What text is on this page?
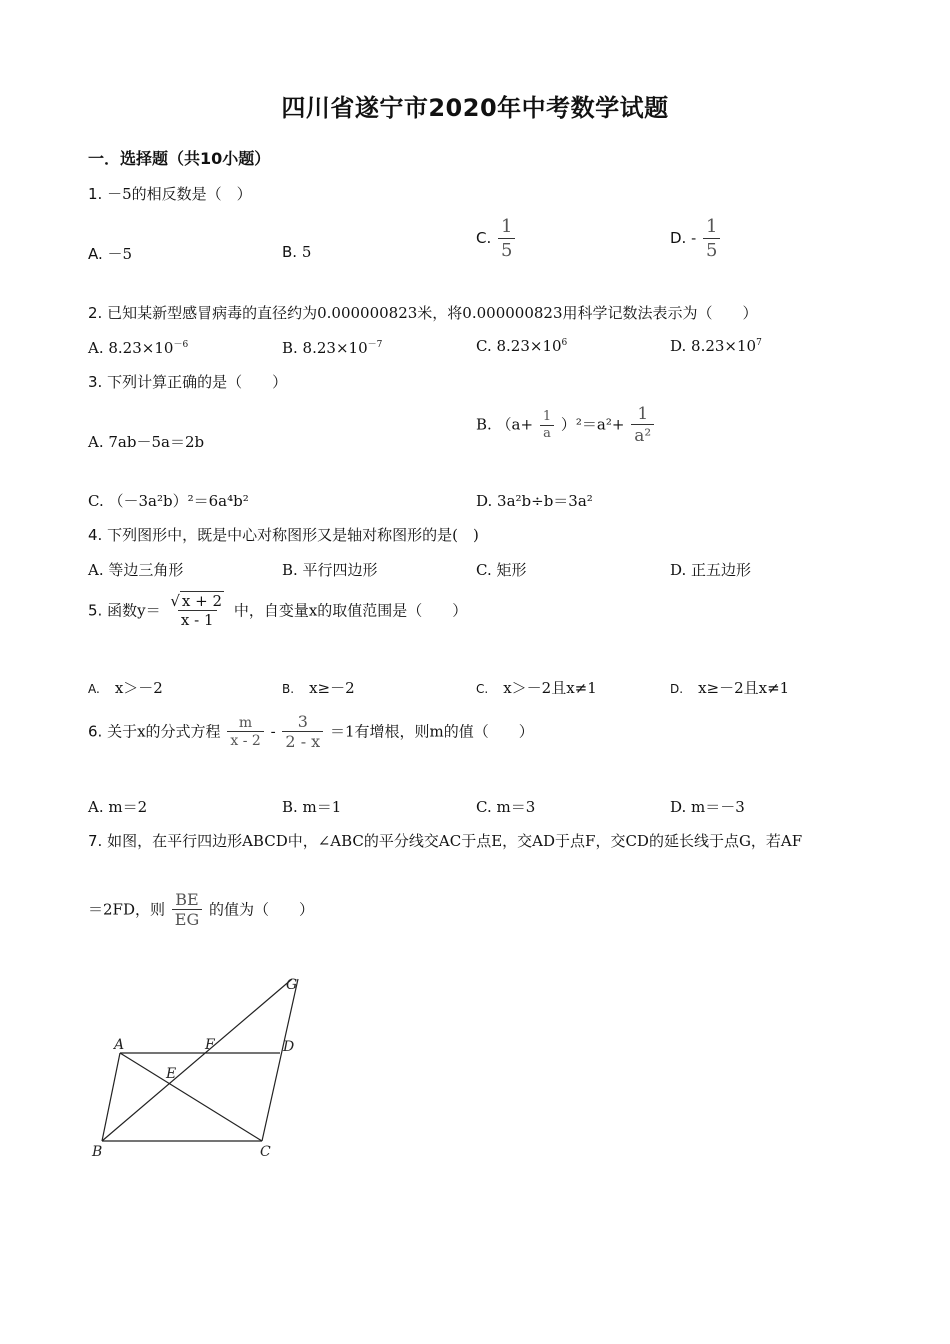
四川省遂宁市2020年中考数学试题
一．选择题（共10小题）
1. －5的相反数是（　）
A. －5	B. 5
C. $\frac{1}{5}$	D. - $\frac{1}{5}$
2. 已知某新型感冒病毒的直径约为0.000000823米，将0.000000823用科学记数法表示为（　　）
A. $8.23\times 10^{-6}$	B. $8.23\times 10^{-7}$	C. $8.23\times 10^6$	D. $8.23\times 10^7$
3. 下列计算正确的是（　　）
A. 7ab－5a＝2b
B. $(a+ \frac{1}{a} )^2=a^2+ \frac{1}{\text{a²}}$
C. （－3a²b）²＝6a⁴b²	D. 3a²b÷b＝3a²
4. 下列图形中，既是中心对称图形又是轴对称图形的是(　)
A. 等边三角形	B. 平行四边形	C. 矩形	D. 正五边形
5. 函数$y= \frac{√ x + 2}{x - 1}$ 中，自变量x的取值范围是（　　）
A.　 x＞－2	B.　 x≥－2	C.　 x＞－2且x≠1	D.　 x≥－2且x≠1
6. 关于x的分式方程 $\frac{m}{x - 2} - \frac{3}{2 - x} =1$有增根，则m的值（　　）
A. m＝2	B. m＝1	C. m＝3	D. m＝－3
7. 如图，在平行四边形ABCD中，∠ABC的平分线交AC于点E，交AD于点F，交CD的延长线于点G，若AF
＝2FD，则 $\frac{BE}{EG}$ 的值为（　　）
A	F	D
E
B	C
G
